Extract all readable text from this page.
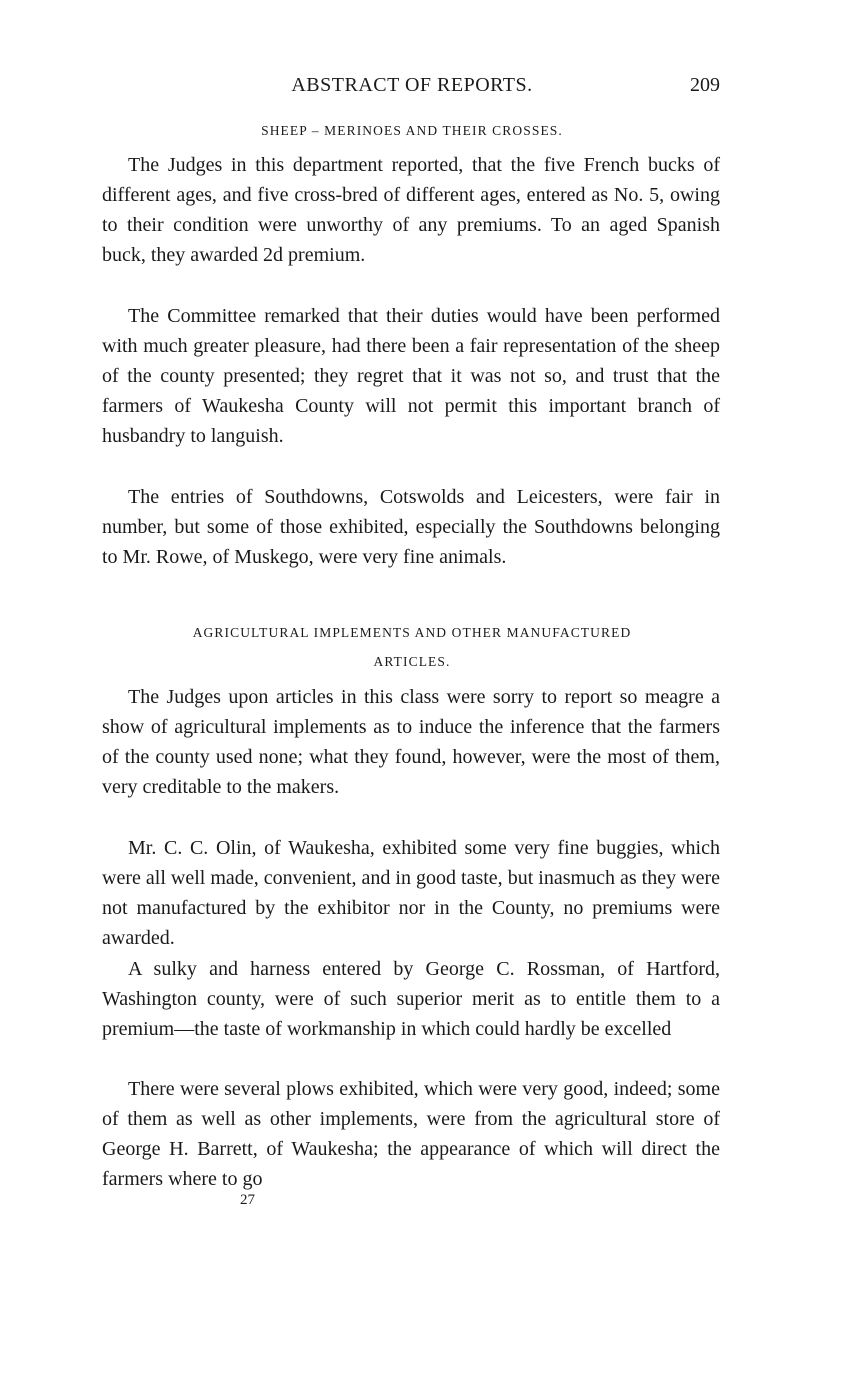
ABSTRACT OF REPORTS.	209
SHEEP – MERINOES AND THEIR CROSSES.

The Judges in this department reported, that the five French bucks of different ages, and five cross-bred of different ages, entered as No. 5, owing to their condition were unworthy of any premiums. To an aged Spanish buck, they awarded 2d premium.

The Committee remarked that their duties would have been performed with much greater pleasure, had there been a fair representation of the sheep of the county presented; they regret that it was not so, and trust that the farmers of Waukesha County will not permit this important branch of husbandry to languish.

The entries of Southdowns, Cotswolds and Leicesters, were fair in number, but some of those exhibited, especially the Southdowns belonging to Mr. Rowe, of Muskego, were very fine animals.

AGRICULTURAL IMPLEMENTS AND OTHER MANUFACTURED
ARTICLES.

The Judges upon articles in this class were sorry to report so meagre a show of agricultural implements as to induce the inference that the farmers of the county used none; what they found, however, were the most of them, very creditable to the makers.

Mr. C. C. Olin, of Waukesha, exhibited some very fine buggies, which were all well made, convenient, and in good taste, but inasmuch as they were not manufactured by the exhibitor nor in the County, no premiums were awarded.

A sulky and harness entered by George C. Rossman, of Hartford, Washington county, were of such superior merit as to entitle them to a premium—the taste of workmanship in which could hardly be excelled

There were several plows exhibited, which were very good, indeed; some of them as well as other implements, were from the agricultural store of George H. Barrett, of Waukesha; the appearance of which will direct the farmers where to go

27
